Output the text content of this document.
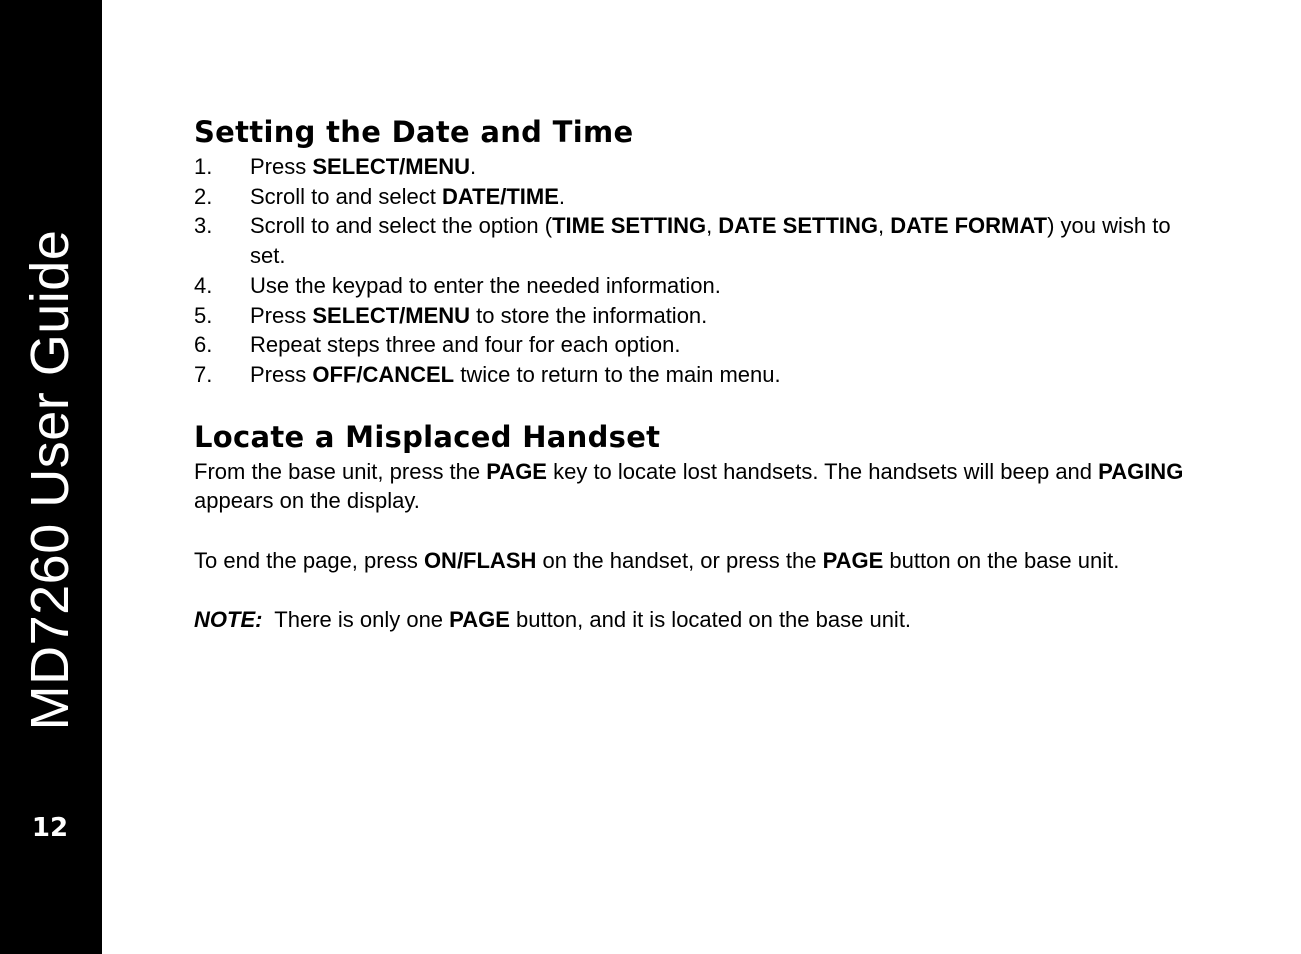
MD7260 User Guide
12
Setting the Date and Time
1.	Press SELECT/MENU.
2.	Scroll to and select DATE/TIME.
3.	Scroll to and select the option (TIME SETTING, DATE SETTING, DATE FORMAT) you wish to set.
4.	Use the keypad to enter the needed information.
5.	Press SELECT/MENU to store the information.
6.	Repeat steps three and four for each option.
7.	Press OFF/CANCEL twice to return to the main menu.
Locate a Misplaced Handset

From the base unit, press the PAGE key to locate lost handsets. The handsets will beep and PAGING appears on the display.

To end the page, press ON/FLASH on the handset, or press the PAGE button on the base unit.

NOTE:  There is only one PAGE button, and it is located on the base unit.
